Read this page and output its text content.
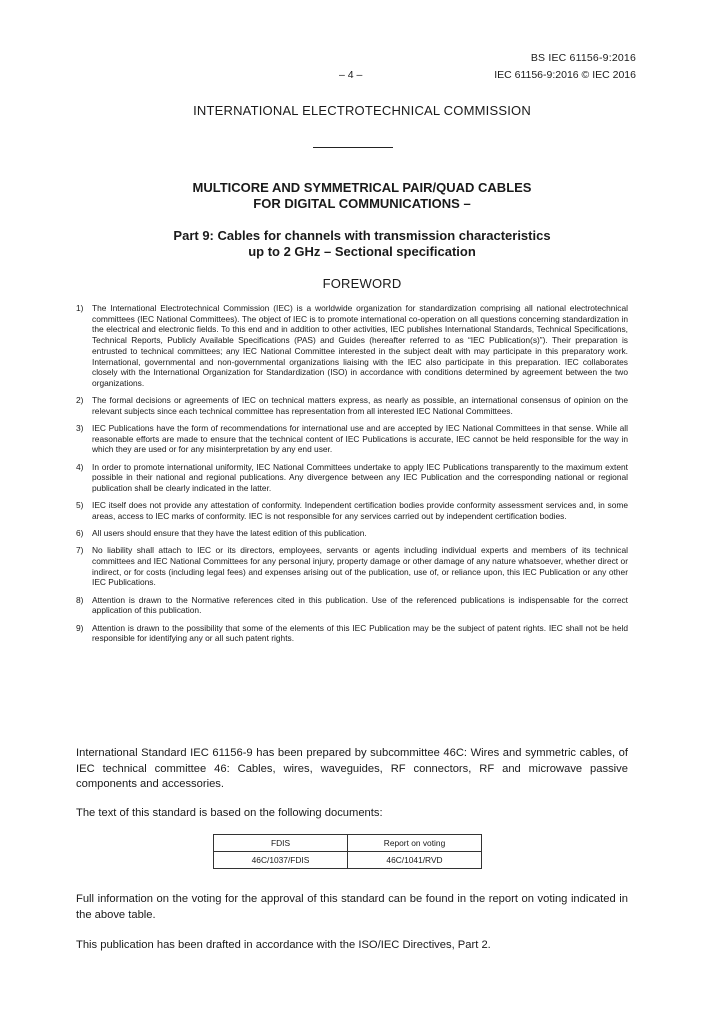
BS IEC 61156-9:2016
– 4 –	IEC 61156-9:2016 © IEC 2016
INTERNATIONAL ELECTROTECHNICAL COMMISSION
MULTICORE AND SYMMETRICAL PAIR/QUAD CABLES
FOR DIGITAL COMMUNICATIONS –
Part 9: Cables for channels with transmission characteristics
up to 2 GHz – Sectional specification
FOREWORD
1)	The International Electrotechnical Commission (IEC) is a worldwide organization for standardization comprising all national electrotechnical committees (IEC National Committees). The object of IEC is to promote international co-operation on all questions concerning standardization in the electrical and electronic fields. To this end and in addition to other activities, IEC publishes International Standards, Technical Specifications, Technical Reports, Publicly Available Specifications (PAS) and Guides (hereafter referred to as “IEC Publication(s)”). Their preparation is entrusted to technical committees; any IEC National Committee interested in the subject dealt with may participate in this preparatory work. International, governmental and non-governmental organizations liaising with the IEC also participate in this preparation. IEC collaborates closely with the International Organization for Standardization (ISO) in accordance with conditions determined by agreement between the two organizations.
2)	The formal decisions or agreements of IEC on technical matters express, as nearly as possible, an international consensus of opinion on the relevant subjects since each technical committee has representation from all interested IEC National Committees.
3)	IEC Publications have the form of recommendations for international use and are accepted by IEC National Committees in that sense. While all reasonable efforts are made to ensure that the technical content of IEC Publications is accurate, IEC cannot be held responsible for the way in which they are used or for any misinterpretation by any end user.
4)	In order to promote international uniformity, IEC National Committees undertake to apply IEC Publications transparently to the maximum extent possible in their national and regional publications. Any divergence between any IEC Publication and the corresponding national or regional publication shall be clearly indicated in the latter.
5)	IEC itself does not provide any attestation of conformity. Independent certification bodies provide conformity assessment services and, in some areas, access to IEC marks of conformity. IEC is not responsible for any services carried out by independent certification bodies.
6)	All users should ensure that they have the latest edition of this publication.
7)	No liability shall attach to IEC or its directors, employees, servants or agents including individual experts and members of its technical committees and IEC National Committees for any personal injury, property damage or other damage of any nature whatsoever, whether direct or indirect, or for costs (including legal fees) and expenses arising out of the publication, use of, or reliance upon, this IEC Publication or any other IEC Publications.
8)	Attention is drawn to the Normative references cited in this publication. Use of the referenced publications is indispensable for the correct application of this publication.
9)	Attention is drawn to the possibility that some of the elements of this IEC Publication may be the subject of patent rights. IEC shall not be held responsible for identifying any or all such patent rights.

International Standard IEC 61156-9 has been prepared by subcommittee 46C: Wires and symmetric cables, of IEC technical committee 46: Cables, wires, waveguides, RF connectors, RF and microwave passive components and accessories.

The text of this standard is based on the following documents:

FDIS	Report on voting
46C/1037/FDIS	46C/1041/RVD

Full information on the voting for the approval of this standard can be found in the report on voting indicated in the above table.

This publication has been drafted in accordance with the ISO/IEC Directives, Part 2.
